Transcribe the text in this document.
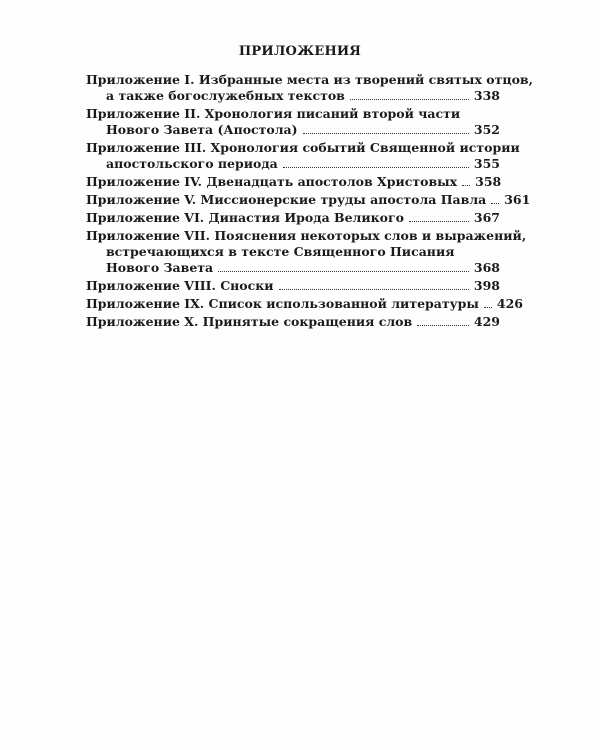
ПРИЛОЖЕНИЯ
Приложение I. Избранные места из творений святых отцов,
а также богослужебных текстов	338
Приложение II. Хронология писаний второй части
Нового Завета (Апостола)	352
Приложение III. Хронология событий Священной истории
апостольского периода	355
Приложение IV. Двенадцать апостолов Христовых 358
Приложение V. Миссионерские труды апостола Павла 361
Приложение VI. Династия Ирода Великого	367
Приложение VII. Пояснения некоторых слов и выражений,
встречающихся в тексте Священного Писания
Нового Завета	368
Приложение VIII. Сноски	398
Приложение IX. Список использованной литературы 426
Приложение X. Принятые сокращения слов	429
